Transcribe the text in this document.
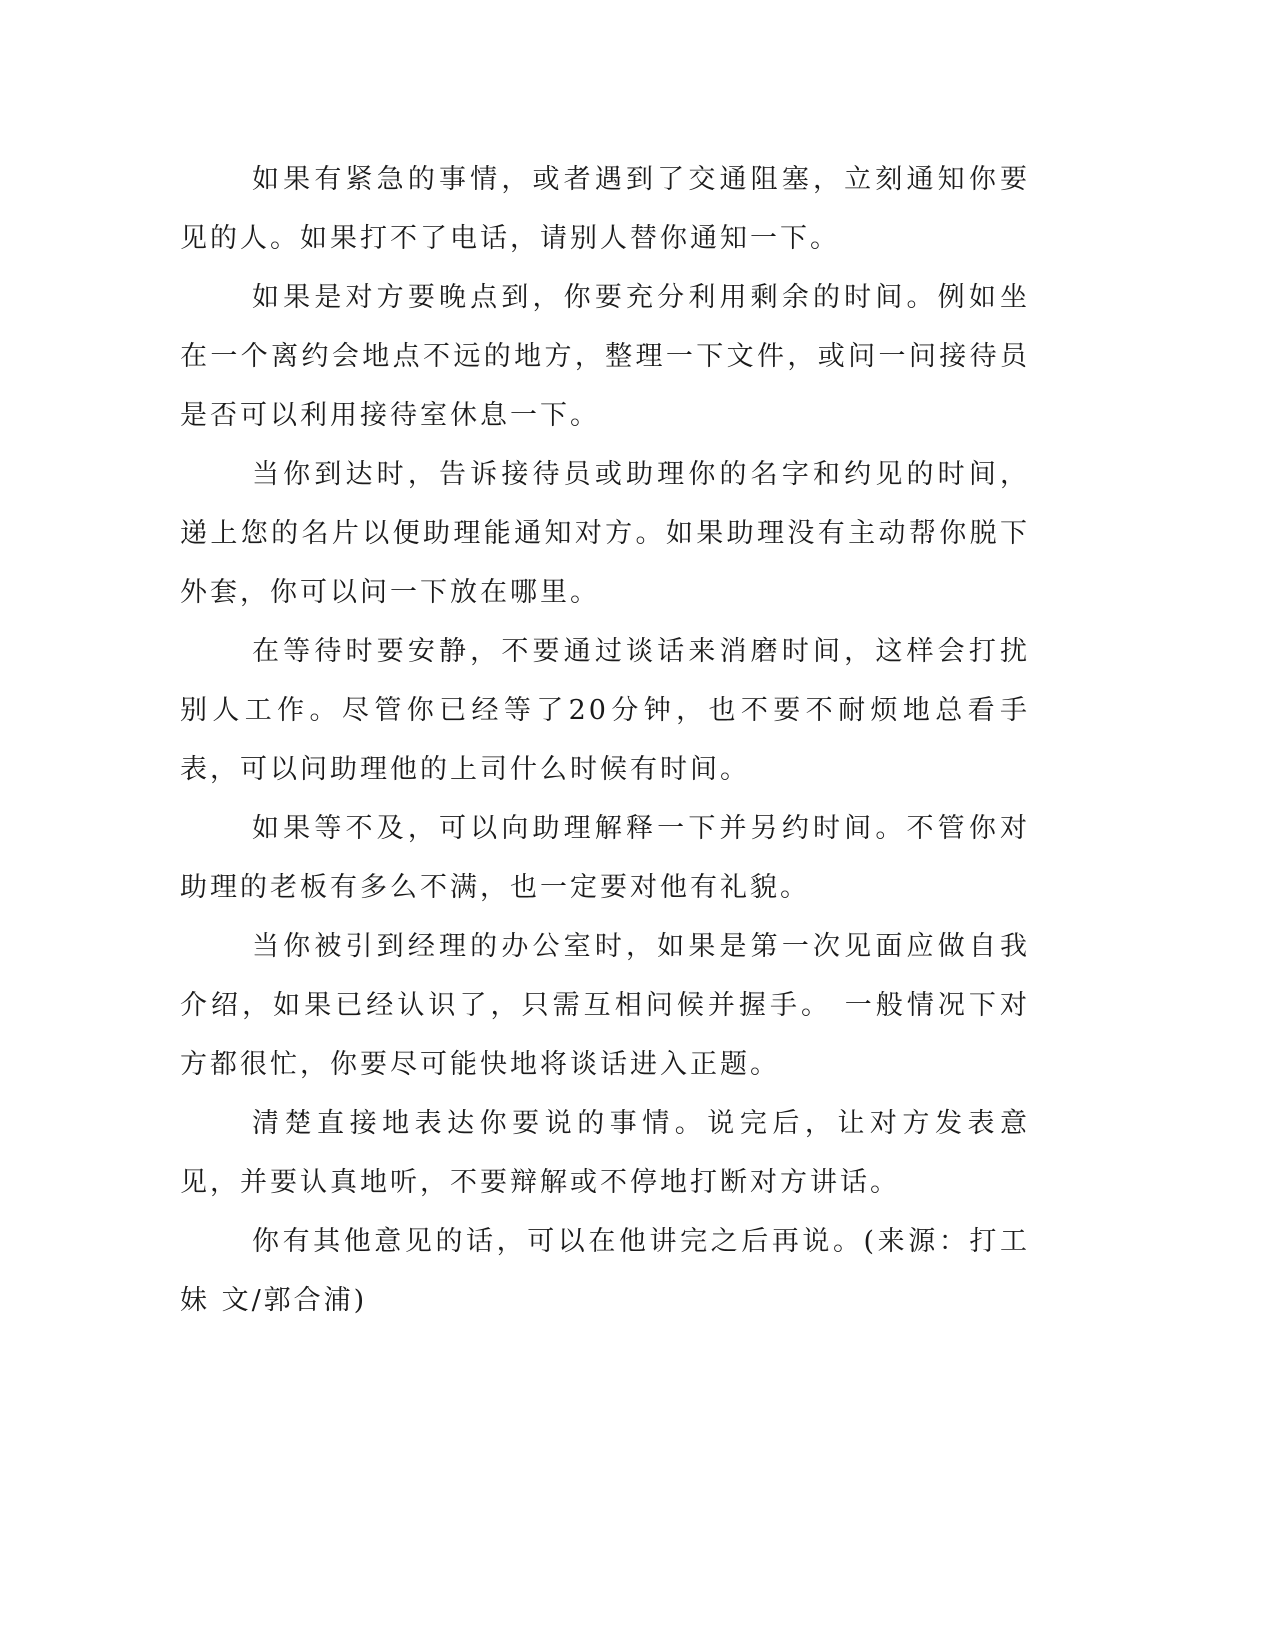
如果有紧急的事情，或者遇到了交通阻塞，立刻通知你要见的人。如果打不了电话，请别人替你通知一下。

如果是对方要晚点到，你要充分利用剩余的时间。例如坐在一个离约会地点不远的地方，整理一下文件，或问一问接待员是否可以利用接待室休息一下。

当你到达时，告诉接待员或助理你的名字和约见的时间，递上您的名片以便助理能通知对方。如果助理没有主动帮你脱下外套，你可以问一下放在哪里。

在等待时要安静，不要通过谈话来消磨时间，这样会打扰别人工作。尽管你已经等了20分钟，也不要不耐烦地总看手表，可以问助理他的上司什么时候有时间。

如果等不及，可以向助理解释一下并另约时间。不管你对助理的老板有多么不满，也一定要对他有礼貌。

当你被引到经理的办公室时，如果是第一次见面应做自我介绍，如果已经认识了，只需互相问候并握手。 一般情况下对方都很忙，你要尽可能快地将谈话进入正题。

清楚直接地表达你要说的事情。说完后，让对方发表意见，并要认真地听，不要辩解或不停地打断对方讲话。

你有其他意见的话，可以在他讲完之后再说。(来源：打工妹 文/郭合浦)
